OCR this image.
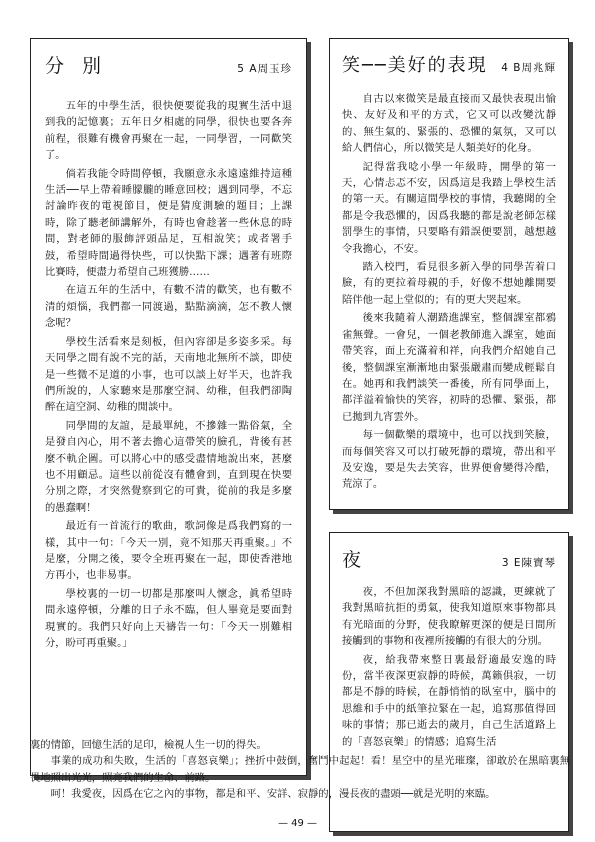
分 別	5 A周玉珍

五年的中學生活，很快便要從我的現實生活中退到我的記憶裏；五年日夕相處的同學，很快也要各奔前程，很難有機會再聚在一起，一同學習，一同歡笑了。

倘若我能令時間停頓，我願意永永遠遠維持這種生活──早上帶着睡朦朧的睡意回校；遇到同學，不忘討論昨夜的電視節目，便是猜度測驗的題目；上課時，除了聽老師講解外，有時也會趁著一些休息的時間，對老師的服飾評頭品足，互相說笑；或者署手鼓，希望時間過得快些，可以快點下課；遇著有班際比賽時，便盡力希望自己班獲勝……

在這五年的生活中，有數不清的歡笑，也有數不清的煩惱，我們都一同渡過，點點滴滴，怎不教人懷念呢？

學校生活看來是刻板，但內容卻是多姿多采。每天同學之間有說不完的話，天南地北無所不談，即使是一些微不足道的小事，也可以談上好半天，也許我們所說的，人家聽來是那麼空洞、幼稚，但我們卻陶醉在這空洞、幼稚的閒談中。

同學間的友誼，是最單純，不摻雜一點俗氣，全是發自內心，用不著去擔心這帶笑的臉孔，背後有甚麼不軌企圖。可以將心中的感受盡情地說出來，甚麼也不用顧忌。這些以前從沒有體會到，直到現在快要分別之際，才突然覺察到它的可貴，從前的我是多麼的愚蠢啊！

最近有一首流行的歌曲，歌詞像是爲我們寫的一樣，其中一句：「今天一別，竟不知那天再重聚。」不是麼，分開之後，要令全班再聚在一起，即使香港地方再小，也非易事。

學校裏的一切一切都是那麼叫人懷念，眞希望時間永遠停頓，分離的日子永不臨，但人畢竟是要面對現實的。我們只好向上天禱告一句：「今天一別難相分，盼可再重聚。」

笑──美好的表現 4 B周兆輝

自古以來微笑是最直接而又最快表現出愉快、友好及和平的方式，它又可以改變沈靜的、無生氣的、緊張的、恐懼的氣氛，又可以給人們信心，所以微笑是人類美好的化身。

記得當我唸小學一年級時，開學的第一天，心情忐忑不安，因爲這是我踏上學校生活的第一天。有關這間學校的事情，我聽聞的全都是令我恐懼的，因爲我聽的都是說老師怎樣罰學生的事情，只要略有錯誤便要罰，越想越令我擔心，不安。

踏入校門，看見很多新入學的同學苦着口臉，有的更拉着母親的手，好像不想她離開要陪伴他一起上堂似的；有的更大哭起來。

後來我隨着人潮踏進課室，整個課室都鴉雀無聲。一會兒，一個老教師進入課室，她面帶笑容，面上充滿着和祥，向我們介紹她自己後，整個課室漸漸地由緊張嚴肅而變成輕鬆自在。她再和我們談笑一番後，所有同學面上，都洋溢着愉快的笑容，初時的恐懼、緊張，都已拋到九宵雲外。

每一個歡樂的環境中，也可以找到笑臉，而每個笑容又可以打破死靜的環境，帶出和平及安逸，要是失去笑容，世界便會變得冷酷，荒涼了。

夜	3 E陳寶琴

夜，不但加深我對黑暗的認識，更練就了我對黑暗抗拒的勇氣，使我知道原來事物都具有光暗面的分野，使我瞭解更深的便是日間所接觸到的事物和夜裡所接觸的有很大的分別。

夜，給我帶來整日裏最舒適最安逸的時份，當半夜深更寂靜的時候，萬籟俱寂，一切都是不靜的時候，在靜悄悄的臥室中，腦中的思維和手中的紙筆拉緊在一起，追寫那值得回味的事情；那已逝去的歲月，自己生活道路上的「喜怒哀樂」的情感；追寫生活

裏的情節，回憶生活的足印，檢視人生一切的得失。

事業的成功和失敗，生活的「喜怒哀樂」；挫折中鼓倒，奮鬥中起起！看！星空中的星光璀璨，卻敢於在黑暗裏無畏地照出光光，照亮我們的生命、前路。

呵！我愛夜，因爲在它之內的事物，都是和平、安詳、寂靜的，漫長夜的盡頭──就是光明的來臨。

— 49 —
